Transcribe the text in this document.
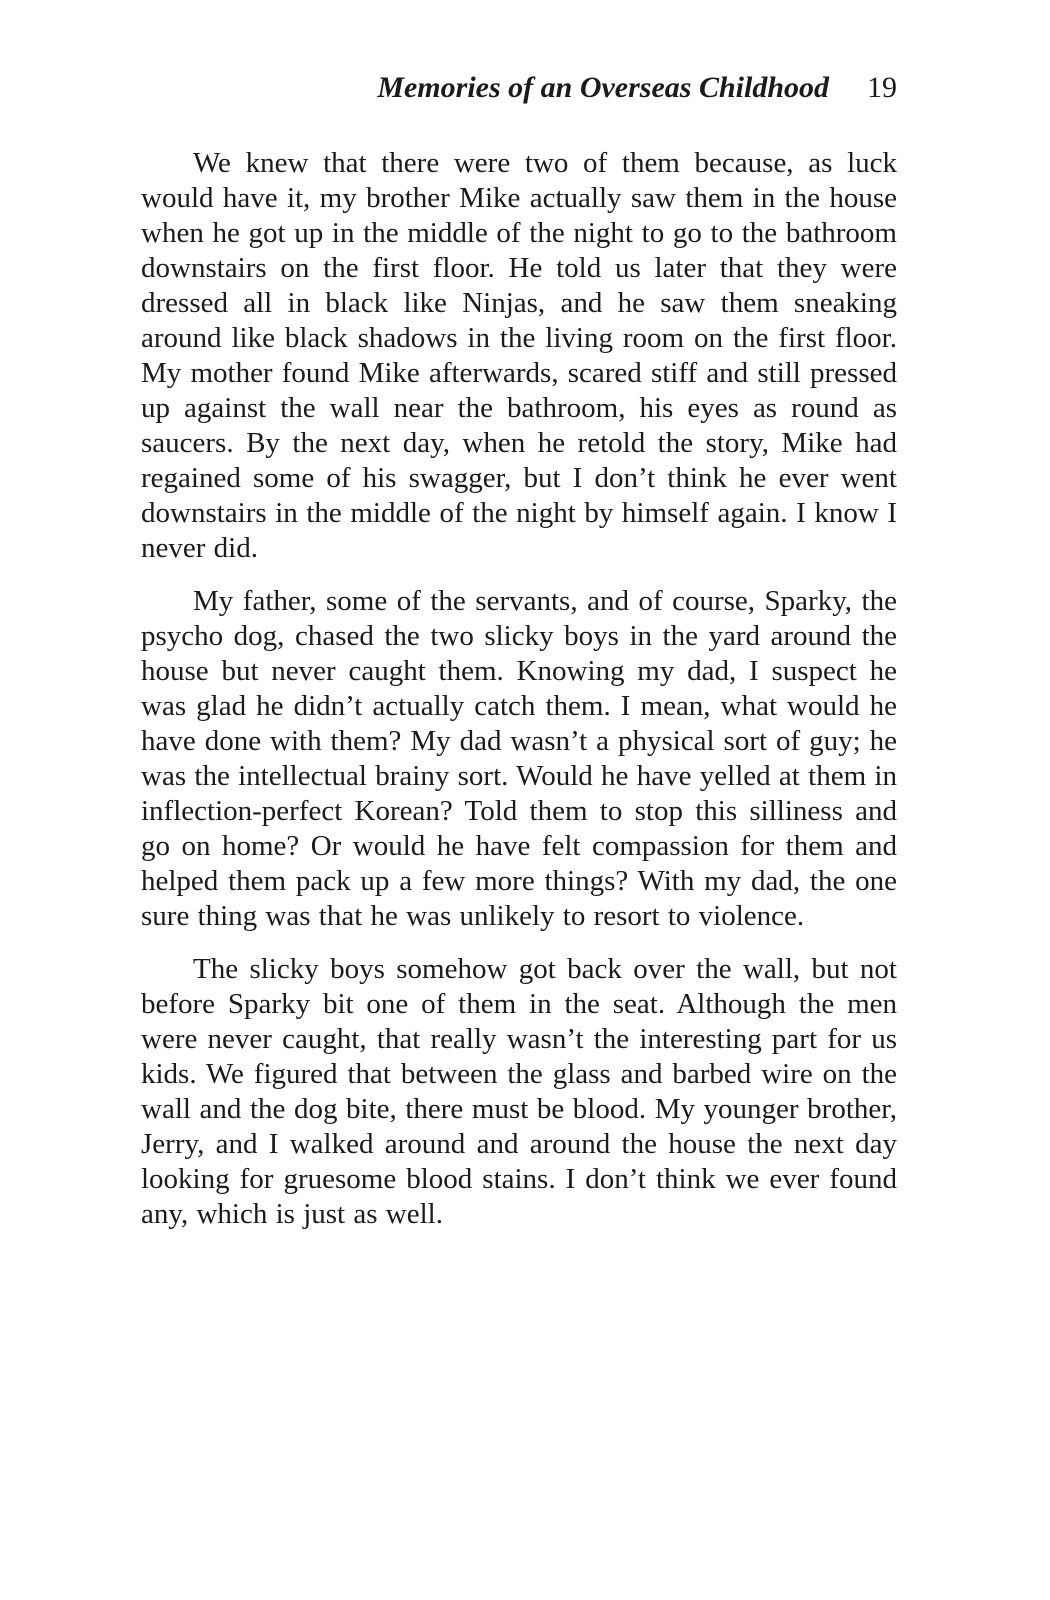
Memories of an Overseas Childhood 19

We knew that there were two of them because, as luck would have it, my brother Mike actually saw them in the house when he got up in the middle of the night to go to the bathroom downstairs on the first floor. He told us later that they were dressed all in black like Ninjas, and he saw them sneaking around like black shadows in the living room on the first floor. My mother found Mike afterwards, scared stiff and still pressed up against the wall near the bathroom, his eyes as round as saucers. By the next day, when he retold the story, Mike had regained some of his swagger, but I don’t think he ever went downstairs in the middle of the night by himself again. I know I never did.

My father, some of the servants, and of course, Sparky, the psycho dog, chased the two slicky boys in the yard around the house but never caught them. Knowing my dad, I suspect he was glad he didn’t actually catch them. I mean, what would he have done with them? My dad wasn’t a physical sort of guy; he was the intellectual brainy sort. Would he have yelled at them in inflection-perfect Korean? Told them to stop this silliness and go on home? Or would he have felt compassion for them and helped them pack up a few more things? With my dad, the one sure thing was that he was unlikely to resort to violence.

The slicky boys somehow got back over the wall, but not before Sparky bit one of them in the seat. Although the men were never caught, that really wasn’t the interesting part for us kids. We figured that between the glass and barbed wire on the wall and the dog bite, there must be blood. My younger brother, Jerry, and I walked around and around the house the next day looking for gruesome blood stains. I don’t think we ever found any, which is just as well.
